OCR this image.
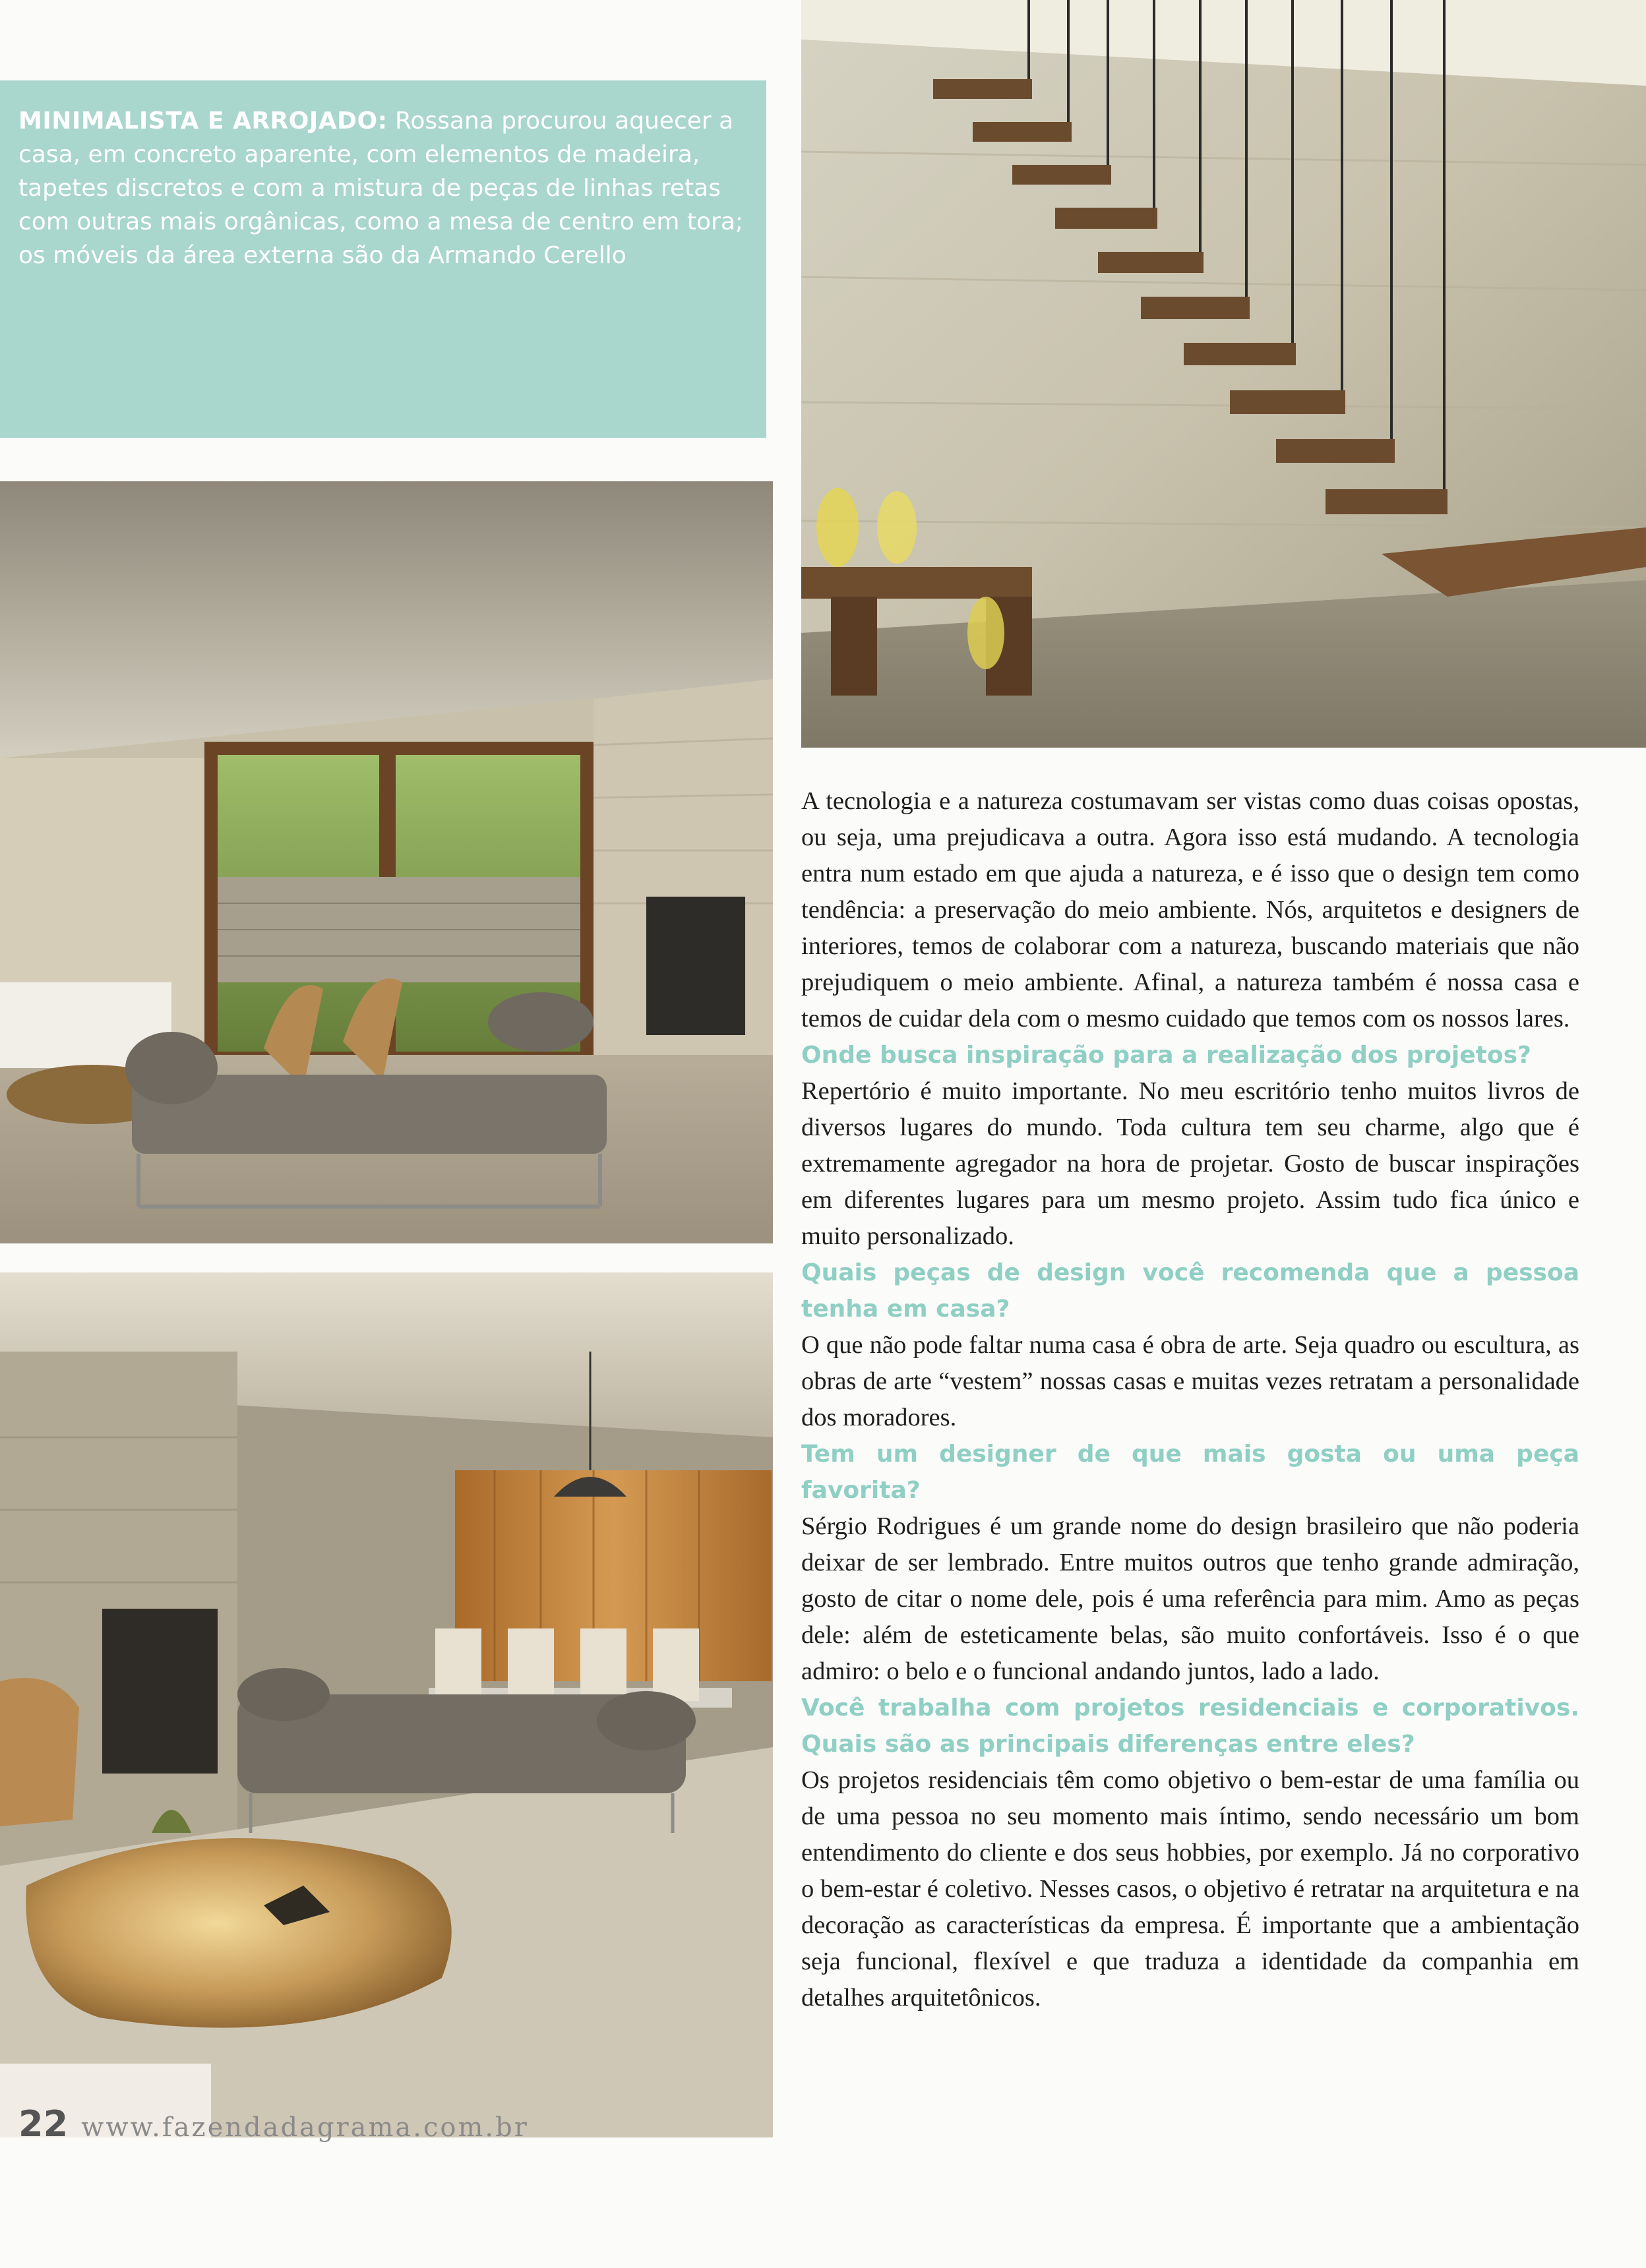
MINIMALISTA E ARROJADO: Rossana procurou aquecer a casa, em concreto aparente, com elementos de madeira, tapetes discretos e com a mistura de peças de linhas retas com outras mais orgânicas, como a mesa de centro em tora; os móveis da área externa são da Armando Cerello

A tecnologia e a natureza costumavam ser vistas como duas coisas opostas, ou seja, uma prejudicava a outra. Agora isso está mudando. A tecnologia entra num estado em que ajuda a natureza, e é isso que o design tem como tendência: a preservação do meio ambiente. Nós, arquitetos e designers de interiores, temos de colaborar com a natureza, buscando materiais que não prejudiquem o meio ambiente. Afinal, a natureza também é nossa casa e temos de cuidar dela com o mesmo cuidado que temos com os nossos lares.

Onde busca inspiração para a realização dos projetos?

Repertório é muito importante. No meu escritório tenho muitos livros de diversos lugares do mundo. Toda cultura tem seu charme, algo que é extremamente agregador na hora de projetar. Gosto de buscar inspirações em diferentes lugares para um mesmo projeto. Assim tudo fica único e muito personalizado.

Quais peças de design você recomenda que a pessoa tenha em casa?

O que não pode faltar numa casa é obra de arte. Seja quadro ou escultura, as obras de arte “vestem” nossas casas e muitas vezes retratam a personalidade dos moradores.

Tem um designer de que mais gosta ou uma peça favorita?

Sérgio Rodrigues é um grande nome do design brasileiro que não poderia deixar de ser lembrado. Entre muitos outros que tenho grande admiração, gosto de citar o nome dele, pois é uma referência para mim. Amo as peças dele: além de esteticamente belas, são muito confortáveis. Isso é o que admiro: o belo e o funcional andando juntos, lado a lado.

Você trabalha com projetos residenciais e corporativos. Quais são as principais diferenças entre eles?

Os projetos residenciais têm como objetivo o bem-estar de uma família ou de uma pessoa no seu momento mais íntimo, sendo necessário um bom entendimento do cliente e dos seus hobbies, por exemplo. Já no corporativo o bem-estar é coletivo. Nesses casos, o objetivo é retratar na arquitetura e na decoração as características da empresa. É importante que a ambientação seja funcional, flexível e que traduza a identidade da companhia em detalhes arquitetônicos.

22 www.fazendadagrama.com.br
